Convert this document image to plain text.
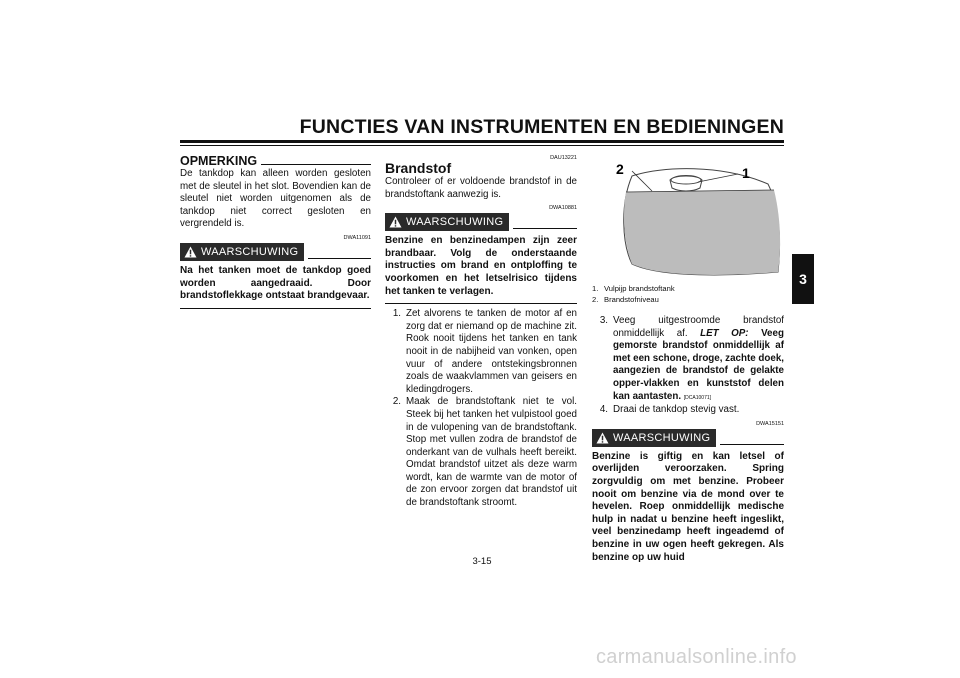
FUNCTIES VAN INSTRUMENTEN EN BEDIENINGEN
3
OPMERKING

De tankdop kan alleen worden gesloten met de sleutel in het slot. Bovendien kan de sleutel niet worden uitgenomen als de tankdop niet correct gesloten en vergrendeld is.

DWA11091
WAARSCHUWING

Na het tanken moet de tankdop goed worden aangedraaid. Door brandstoflekkage ontstaat brandgevaar.

DAU13221
Brandstof

Controleer of er voldoende brandstof in de brandstoftank aanwezig is.

DWA10881
WAARSCHUWING

Benzine en benzinedampen zijn zeer brandbaar. Volg de onderstaande instructies om brand en ontploffing te voorkomen en het letselrisico tijdens het tanken te verlagen.

1. Zet alvorens te tanken de motor af en zorg dat er niemand op de machine zit. Rook nooit tijdens het tanken en tank nooit in de nabijheid van vonken, open vuur of andere ontstekingsbronnen zoals de waakvlammen van geisers en kledingdrogers.
2. Maak de brandstoftank niet te vol. Steek bij het tanken het vulpistool goed in de vulopening van de brandstoftank. Stop met vullen zodra de brandstof de onderkant van de vulhals heeft bereikt. Omdat brandstof uitzet als deze warm wordt, kan de warmte van de motor of de zon ervoor zorgen dat brandstof uit de brandstoftank stroomt.
2	1
1. Vulpijp brandstoftank
2. Brandstofniveau
3. Veeg uitgestroomde brandstof onmiddellijk af. LET OP: Veeg gemorste brandstof onmiddellijk af met een schone, droge, zachte doek, aangezien de brandstof de gelakte opper-vlakken en kunststof delen kan aantasten. [DCA10071]
4. Draai de tankdop stevig vast.
DWA15151
WAARSCHUWING

Benzine is giftig en kan letsel of overlijden veroorzaken. Spring zorgvuldig om met benzine. Probeer nooit om benzine via de mond over te hevelen. Roep onmiddellijk medische hulp in nadat u benzine heeft ingeslikt, veel benzinedamp heeft ingeademd of benzine in uw ogen heeft gekregen. Als benzine op uw huid

3-15
carmanualsonline.info
